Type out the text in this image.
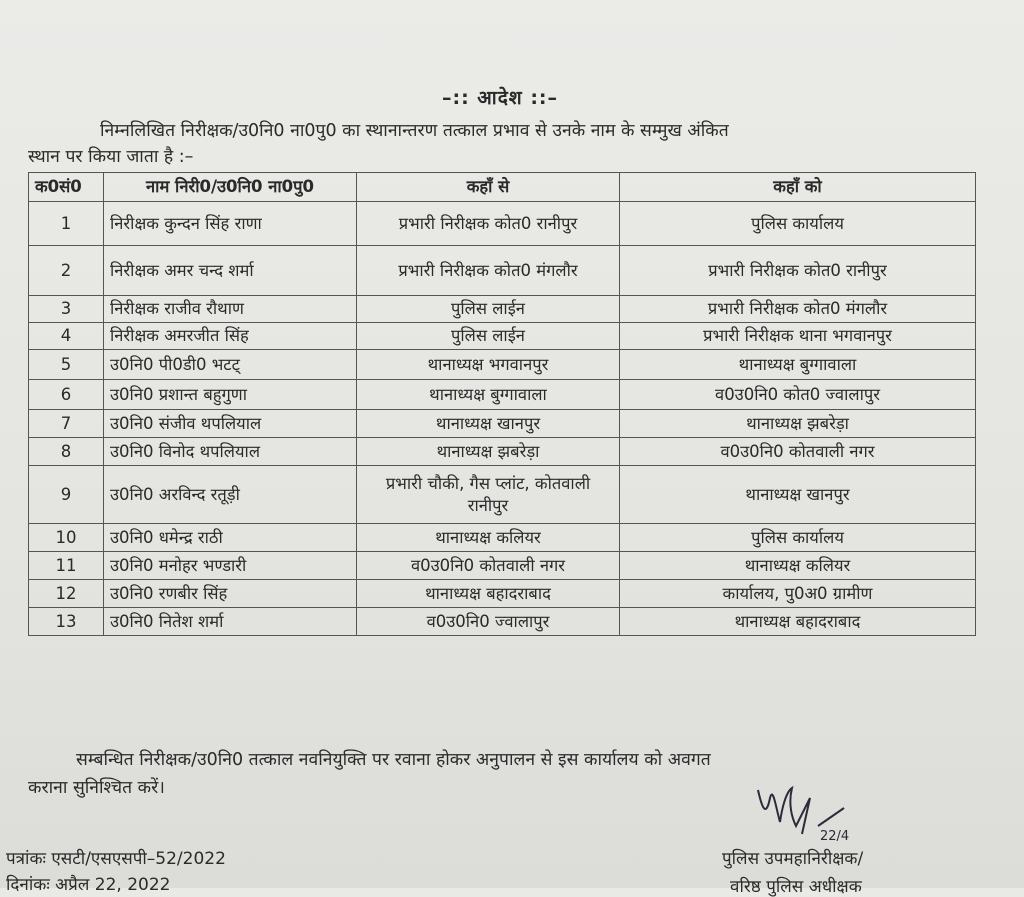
–:: आदेश ::–
निम्नलिखित निरीक्षक/उ0नि0 ना0पु0 का स्थानान्तरण तत्काल प्रभाव से उनके नाम के सम्मुख अंकित
स्थान पर किया जाता है :–
क0सं0	नाम निरी0/उ0नि0 ना0पु0	कहाँ से	कहाँ को
1	निरीक्षक कुन्दन सिंह राणा	प्रभारी निरीक्षक कोत0 रानीपुर	पुलिस कार्यालय
2	निरीक्षक अमर चन्द शर्मा	प्रभारी निरीक्षक कोत0 मंगलौर	प्रभारी निरीक्षक कोत0 रानीपुर
3	निरीक्षक राजीव रौथाण	पुलिस लाईन	प्रभारी निरीक्षक कोत0 मंगलौर
4	निरीक्षक अमरजीत सिंह	पुलिस लाईन	प्रभारी निरीक्षक थाना भगवानपुर
5	उ0नि0 पी0डी0 भटट्	थानाध्यक्ष भगवानपुर	थानाध्यक्ष बुग्गावाला
6	उ0नि0 प्रशान्त बहुगुणा	थानाध्यक्ष बुग्गावाला	व0उ0नि0 कोत0 ज्वालापुर
7	उ0नि0 संजीव थपलियाल	थानाध्यक्ष खानपुर	थानाध्यक्ष झबरेड़ा
8	उ0नि0 विनोद थपलियाल	थानाध्यक्ष झबरेड़ा	व0उ0नि0 कोतवाली नगर
9	उ0नि0 अरविन्द रतूड़ी	प्रभारी चौकी, गैस प्लांट, कोतवाली रानीपुर	थानाध्यक्ष खानपुर
10	उ0नि0 धमेन्द्र राठी	थानाध्यक्ष कलियर	पुलिस कार्यालय
11	उ0नि0 मनोहर भण्डारी	व0उ0नि0 कोतवाली नगर	थानाध्यक्ष कलियर
12	उ0नि0 रणबीर सिंह	थानाध्यक्ष बहादराबाद	कार्यालय, पु0अ0 ग्रामीण
13	उ0नि0 नितेश शर्मा	व0उ0नि0 ज्वालापुर	थानाध्यक्ष बहादराबाद
सम्बन्धित निरीक्षक/उ0नि0 तत्काल नवनियुक्ति पर रवाना होकर अनुपालन से इस कार्यालय को अवगत
कराना सुनिश्चित करें।
22/4
पत्रांकः एसटी/एसएसपी–52/2022
दिनांकः अप्रैल 22, 2022
पुलिस उपमहानिरीक्षक/
वरिष्ठ पुलिस अधीक्षक
